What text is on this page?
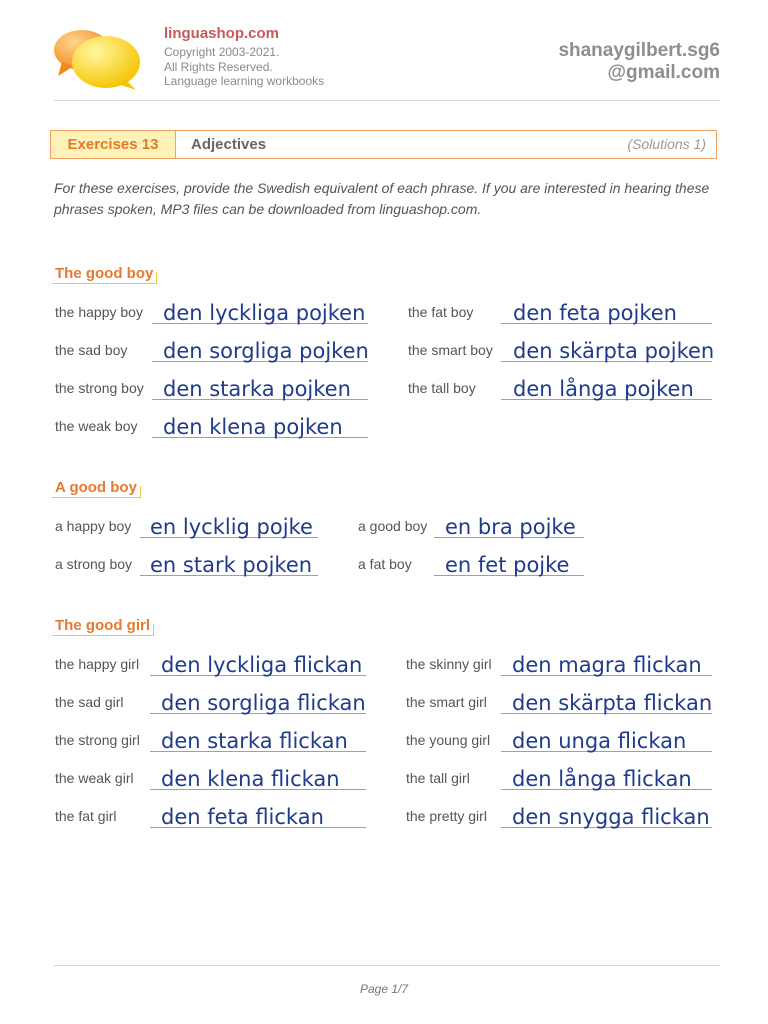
linguashop.com
Copyright 2003-2021.
All Rights Reserved.
Language learning workbooks
shanaygilbert.sg6
@gmail.com
Exercises 13	Adjectives	(Solutions 1)
For these exercises, provide the Swedish equivalent of each phrase. If you are interested in hearing these phrases spoken, MP3 files can be downloaded from linguashop.com.
The good boy
the happy boy den lyckliga pojken	the fat boy den feta pojken
the sad boy den sorgliga pojken	the smart boy den skärpta pojken
the strong boy den starka pojken	the tall boy den långa pojken
the weak boy den klena pojken
A good boy
a happy boy en lycklig pojke	a good boy en bra pojke
a strong boy en stark pojken	a fat boy en fet pojke
The good girl
the happy girl den lyckliga flickan	the skinny girl den magra flickan
the sad girl den sorgliga flickan	the smart girl den skärpta flickan
the strong girl den starka flickan	the young girl den unga flickan
the weak girl den klena flickan	the tall girl den långa flickan
the fat girl den feta flickan	the pretty girl den snygga flickan
Page 1/7
